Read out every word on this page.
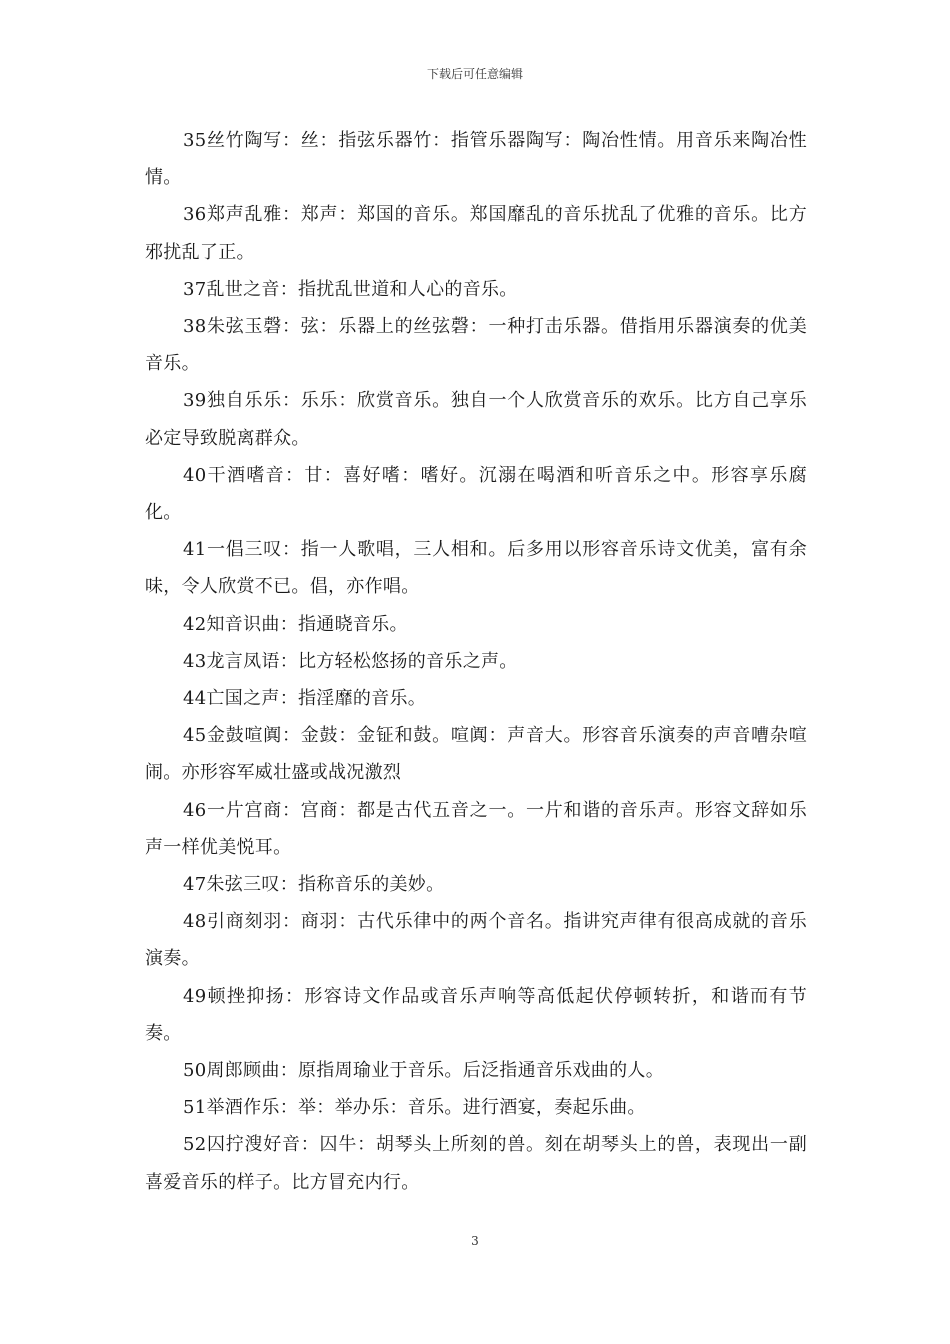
下载后可任意编辑

35丝竹陶写：丝：指弦乐器竹：指管乐器陶写：陶冶性情。用音乐来陶冶性情。

36郑声乱雅：郑声：郑国的音乐。郑国靡乱的音乐扰乱了优雅的音乐。比方邪扰乱了正。

37乱世之音：指扰乱世道和人心的音乐。

38朱弦玉磬：弦：乐器上的丝弦磬：一种打击乐器。借指用乐器演奏的优美音乐。

39独自乐乐：乐乐：欣赏音乐。独自一个人欣赏音乐的欢乐。比方自己享乐必定导致脱离群众。

40干酒嗜音：甘：喜好嗜：嗜好。沉溺在喝酒和听音乐之中。形容享乐腐化。

41一倡三叹：指一人歌唱，三人相和。后多用以形容音乐诗文优美，富有余味，令人欣赏不已。倡，亦作唱。

42知音识曲：指通晓音乐。

43龙言凤语：比方轻松悠扬的音乐之声。

44亡国之声：指淫靡的音乐。

45金鼓喧阗：金鼓：金钲和鼓。喧阗：声音大。形容音乐演奏的声音嘈杂喧闹。亦形容军威壮盛或战况激烈

46一片宫商：宫商：都是古代五音之一。一片和谐的音乐声。形容文辞如乐声一样优美悦耳。

47朱弦三叹：指称音乐的美妙。

48引商刻羽：商羽：古代乐律中的两个音名。指讲究声律有很高成就的音乐演奏。

49顿挫抑扬：形容诗文作品或音乐声响等高低起伏停顿转折，和谐而有节奏。

50周郎顾曲：原指周瑜业于音乐。后泛指通音乐戏曲的人。

51举酒作乐：举：举办乐：音乐。进行酒宴，奏起乐曲。

52囚拧溲好音：囚牛：胡琴头上所刻的兽。刻在胡琴头上的兽，表现出一副喜爱音乐的样子。比方冒充内行。

3
